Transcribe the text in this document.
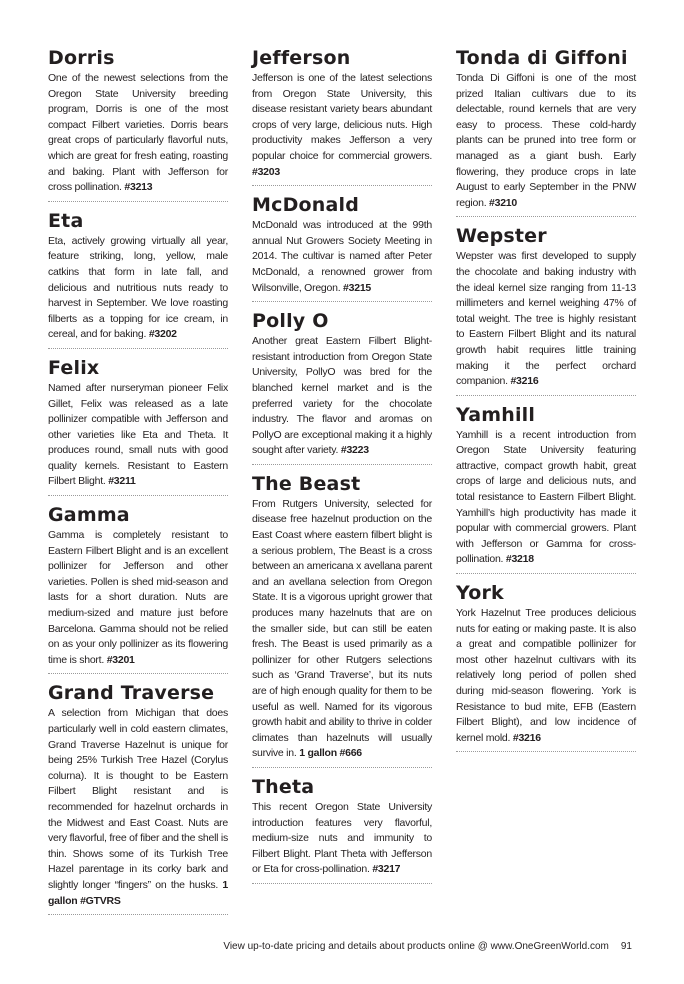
Dorris

One of the newest selections from the Oregon State University breeding program, Dorris is one of the most compact Filbert varieties. Dorris bears great crops of particularly flavorful nuts, which are great for fresh eating, roasting and baking. Plant with Jefferson for cross pollination. #3213

Eta

Eta, actively growing virtually all year, feature striking, long, yellow, male catkins that form in late fall, and delicious and nutritious nuts ready to harvest in September. We love roasting filberts as a topping for ice cream, in cereal, and for baking. #3202

Felix

Named after nurseryman pioneer Felix Gillet, Felix was released as a late pollinizer compatible with Jefferson and other varieties like Eta and Theta. It produces round, small nuts with good quality kernels. Resistant to Eastern Filbert Blight. #3211

Gamma

Gamma is completely resistant to Eastern Filbert Blight and is an excellent pollinizer for Jefferson and other varieties. Pollen is shed mid-season and lasts for a short duration. Nuts are medium-sized and mature just before Barcelona. Gamma should not be relied on as your only pollinizer as its flowering time is short. #3201

Grand Traverse

A selection from Michigan that does particularly well in cold eastern climates, Grand Traverse Hazelnut is unique for being 25% Turkish Tree Hazel (Corylus colurna). It is thought to be Eastern Filbert Blight resistant and is recommended for hazelnut orchards in the Midwest and East Coast. Nuts are very flavorful, free of fiber and the shell is thin. Shows some of its Turkish Tree Hazel parentage in its corky bark and slightly longer “fingers” on the husks. 1 gallon #GTVRS

Jefferson

Jefferson is one of the latest selections from Oregon State University, this disease resistant variety bears abundant crops of very large, delicious nuts. High productivity makes Jefferson a very popular choice for commercial growers. #3203

McDonald

McDonald was introduced at the 99th annual Nut Growers Society Meeting in 2014. The cultivar is named after Peter McDonald, a renowned grower from Wilsonville, Oregon. #3215

Polly O

Another great Eastern Filbert Blight-resistant introduction from Oregon State University, PollyO was bred for the blanched kernel market and is the preferred variety for the chocolate industry. The flavor and aromas on PollyO are exceptional making it a highly sought after variety. #3223

The Beast

From Rutgers University, selected for disease free hazelnut production on the East Coast where eastern filbert blight is a serious problem, The Beast is a cross between an americana x avellana parent and an avellana selection from Oregon State. It is a vigorous upright grower that produces many hazelnuts that are on the smaller side, but can still be eaten fresh. The Beast is used primarily as a pollinizer for other Rutgers selections such as ‘Grand Traverse’, but its nuts are of high enough quality for them to be useful as well. Named for its vigorous growth habit and ability to thrive in colder climates than hazelnuts will usually survive in. 1 gallon #666

Theta

This recent Oregon State University introduction features very flavorful, medium-size nuts and immunity to Filbert Blight. Plant Theta with Jefferson or Eta for cross-pollination. #3217

Tonda di Giffoni

Tonda Di Giffoni is one of the most prized Italian cultivars due to its delectable, round kernels that are very easy to process. These cold-hardy plants can be pruned into tree form or managed as a giant bush. Early flowering, they produce crops in late August to early September in the PNW region. #3210

Wepster

Wepster was first developed to supply the chocolate and baking industry with the ideal kernel size ranging from 11-13 millimeters and kernel weighing 47% of total weight. The tree is highly resistant to Eastern Filbert Blight and its natural growth habit requires little training making it the perfect orchard companion. #3216

Yamhill

Yamhill is a recent introduction from Oregon State University featuring attractive, compact growth habit, great crops of large and delicious nuts, and total resistance to Eastern Filbert Blight. Yamhill’s high productivity has made it popular with commercial growers. Plant with Jefferson or Gamma for cross-pollination. #3218

York

York Hazelnut Tree produces delicious nuts for eating or making paste. It is also a great and compatible pollinizer for most other hazelnut cultivars with its relatively long period of pollen shed during mid-season flowering. York is Resistance to bud mite, EFB (Eastern Filbert Blight), and low incidence of kernel mold. #3216

View up-to-date pricing and details about products online @ www.OneGreenWorld.com 91
